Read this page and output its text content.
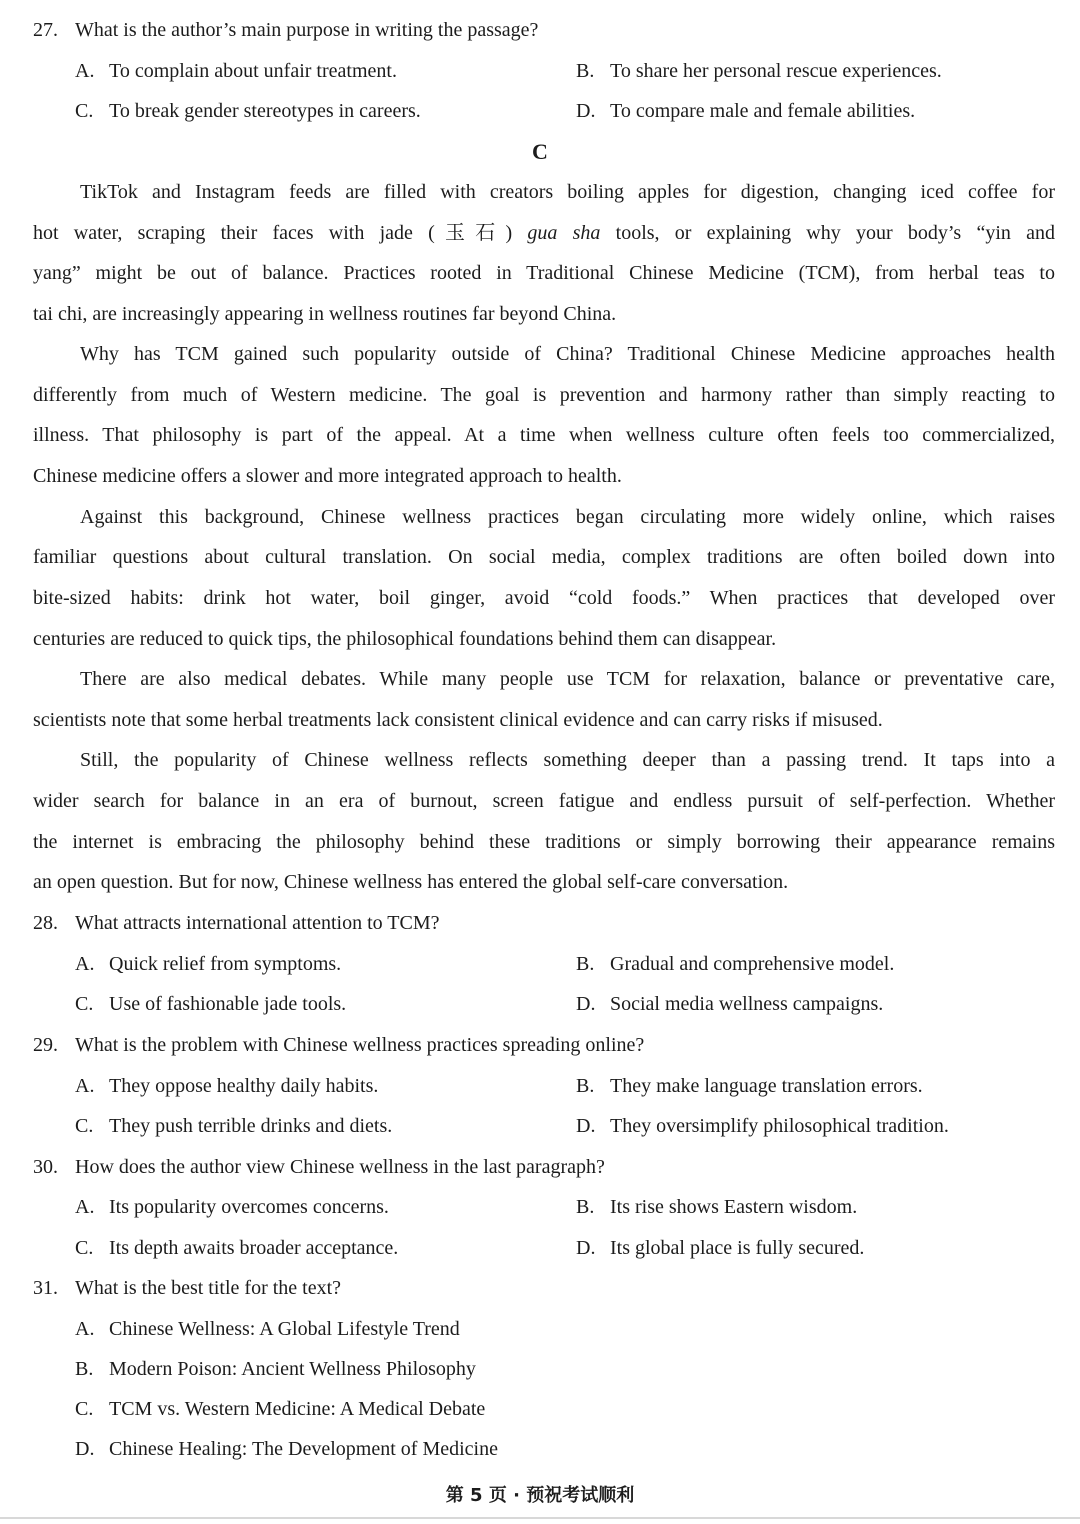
27. What is the author’s main purpose in writing the passage?
A. To complain about unfair treatment.	B. To share her personal rescue experiences.
C. To break gender stereotypes in careers.	D. To compare male and female abilities.
C
TikTok and Instagram feeds are filled with creators boiling apples for digestion, changing iced coffee for
hot water, scraping their faces with jade (玉石) gua sha tools, or explaining why your body’s “yin and
yang” might be out of balance. Practices rooted in Traditional Chinese Medicine (TCM), from herbal teas to
tai chi, are increasingly appearing in wellness routines far beyond China.
Why has TCM gained such popularity outside of China? Traditional Chinese Medicine approaches health
differently from much of Western medicine. The goal is prevention and harmony rather than simply reacting to
illness. That philosophy is part of the appeal. At a time when wellness culture often feels too commercialized,
Chinese medicine offers a slower and more integrated approach to health.
Against this background, Chinese wellness practices began circulating more widely online, which raises
familiar questions about cultural translation. On social media, complex traditions are often boiled down into
bite-sized habits: drink hot water, boil ginger, avoid “cold foods.” When practices that developed over
centuries are reduced to quick tips, the philosophical foundations behind them can disappear.
There are also medical debates. While many people use TCM for relaxation, balance or preventative care,
scientists note that some herbal treatments lack consistent clinical evidence and can carry risks if misused.
Still, the popularity of Chinese wellness reflects something deeper than a passing trend. It taps into a
wider search for balance in an era of burnout, screen fatigue and endless pursuit of self-perfection. Whether
the internet is embracing the philosophy behind these traditions or simply borrowing their appearance remains
an open question. But for now, Chinese wellness has entered the global self-care conversation.
28. What attracts international attention to TCM?
A. Quick relief from symptoms.	B. Gradual and comprehensive model.
C. Use of fashionable jade tools.	D. Social media wellness campaigns.
29. What is the problem with Chinese wellness practices spreading online?
A. They oppose healthy daily habits.	B. They make language translation errors.
C. They push terrible drinks and diets.	D. They oversimplify philosophical tradition.
30. How does the author view Chinese wellness in the last paragraph?
A. Its popularity overcomes concerns.	B. Its rise shows Eastern wisdom.
C. Its depth awaits broader acceptance.	D. Its global place is fully secured.
31. What is the best title for the text?
A. Chinese Wellness: A Global Lifestyle Trend
B. Modern Poison: Ancient Wellness Philosophy
C. TCM vs. Western Medicine: A Medical Debate
D. Chinese Healing: The Development of Medicine
第 5 页 · 预祝考试顺利
